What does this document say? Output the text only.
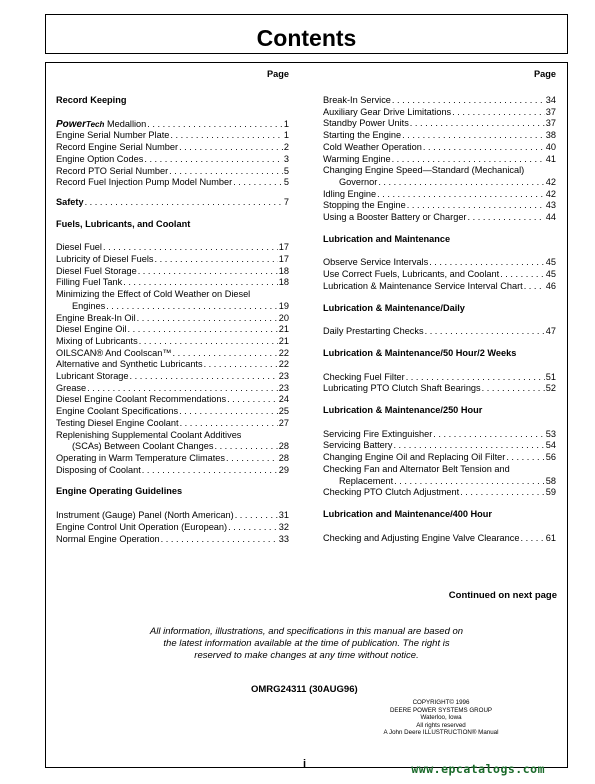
Contents
Page
Record Keeping
PowerTech Medallion . . .	1
Engine Serial Number Plate . . .	1
Record Engine Serial Number . . .	2
Engine Option Codes . . .	3
Record PTO Serial Number . . .	5
Record Fuel Injection Pump Model Number . . .	5
Safety . . .	7
Fuels, Lubricants, and Coolant
Diesel Fuel . . .	17
Lubricity of Diesel Fuels . . .	17
Diesel Fuel Storage . . .	18
Filling Fuel Tank . . .	18
Minimizing the Effect of Cold Weather on Diesel
Engines . . .	19
Engine Break-In Oil . . .	20
Diesel Engine Oil . . .	21
Mixing of Lubricants . . .	21
OILSCAN® And Coolscan™ . . .	22
Alternative and Synthetic Lubricants . . .	22
Lubricant Storage . . .	23
Grease . . .	23
Diesel Engine Coolant Recommendations . . .	24
Engine Coolant Specifications . . .	25
Testing Diesel Engine Coolant . . .	27
Replenishing Supplemental Coolant Additives
(SCAs) Between Coolant Changes . . .	28
Operating in Warm Temperature Climates . . .	28
Disposing of Coolant . . .	29
Engine Operating Guidelines
Instrument (Gauge) Panel (North American) . . .	31
Engine Control Unit Operation (European) . . .	32
Normal Engine Operation . . .	33
Page
Break-In Service . . .	34
Auxiliary Gear Drive Limitations . . .	37
Standby Power Units . . .	37
Starting the Engine . . .	38
Cold Weather Operation . . .	40
Warming Engine . . .	41
Changing Engine Speed—Standard (Mechanical)
Governor . . .	42
Idling Engine . . .	42
Stopping the Engine . . .	43
Using a Booster Battery or Charger . . .	44
Lubrication and Maintenance
Observe Service Intervals . . .	45
Use Correct Fuels, Lubricants, and Coolant . . .	45
Lubrication & Maintenance Service Interval Chart . . .	46
Lubrication & Maintenance/Daily
Daily Prestarting Checks . . .	47
Lubrication & Maintenance/50 Hour/2 Weeks
Checking Fuel Filter . . .	51
Lubricating PTO Clutch Shaft Bearings . . .	52
Lubrication & Maintenance/250 Hour
Servicing Fire Extinguisher . . .	53
Servicing Battery . . .	54
Changing Engine Oil and Replacing Oil Filter . . .	56
Checking Fan and Alternator Belt Tension and
Replacement . . .	58
Checking PTO Clutch Adjustment . . .	59
Lubrication and Maintenance/400 Hour
Checking and Adjusting Engine Valve Clearance . . .	61
Continued on next page
All information, illustrations, and specifications in this manual are based on
the latest information available at the time of publication. The right is
reserved to make changes at any time without notice.
OMRG24311 (30AUG96)
COPYRIGHT© 1996
DEERE POWER SYSTEMS GROUP
Waterloo, Iowa
All rights reserved
A John Deere ILLUSTRUCTION® Manual
i	www.epcatalogs.com
